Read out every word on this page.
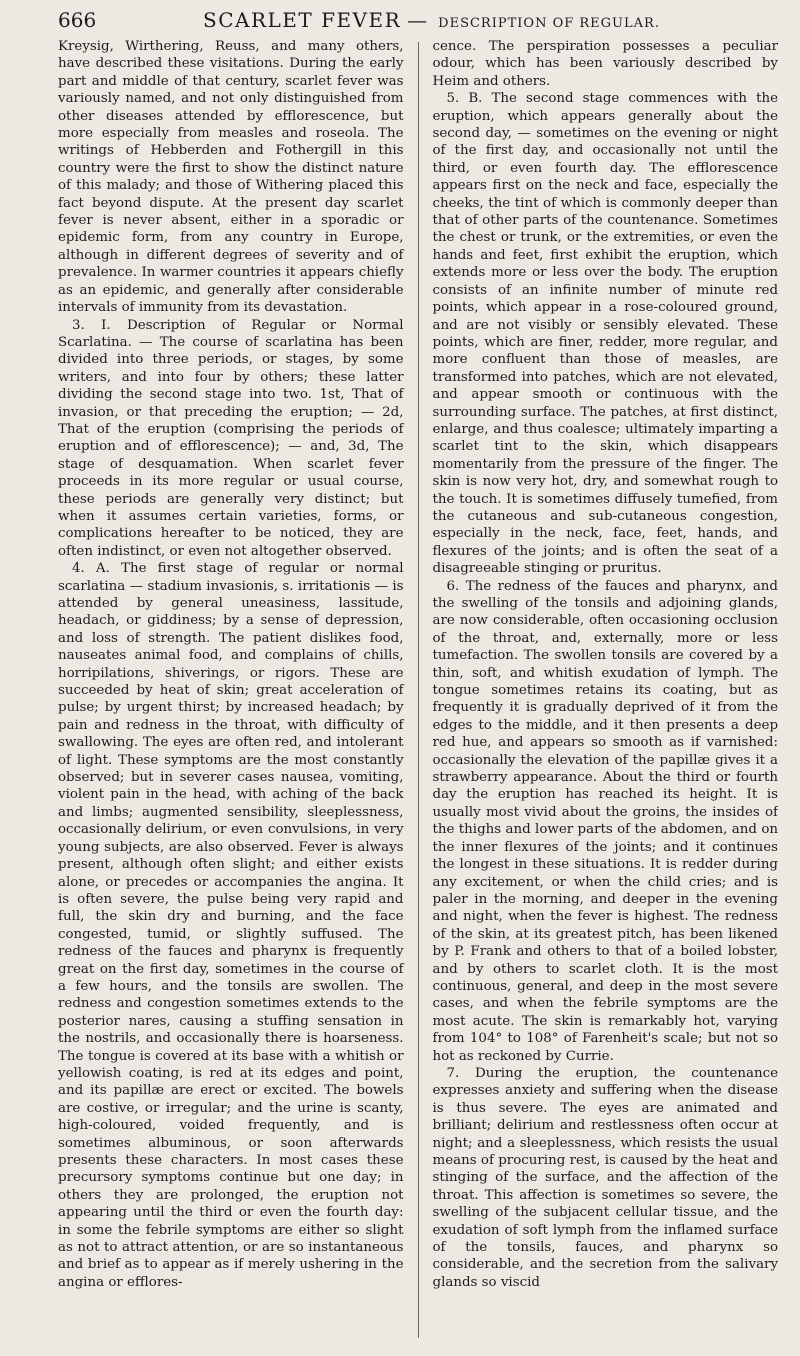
666	SCARLET FEVER — DESCRIPTION OF REGULAR.

Kreysig, Wirthering, Reuss, and many others, have described these visitations. During the early part and middle of that century, scarlet fever was variously named, and not only distinguished from other diseases attended by efflorescence, but more especially from measles and roseola. The writings of Hebberden and Fothergill in this country were the first to show the distinct nature of this malady; and those of Withering placed this fact beyond dispute. At the present day scarlet fever is never absent, either in a sporadic or epidemic form, from any country in Europe, although in different degrees of severity and of prevalence. In warmer countries it appears chiefly as an epidemic, and generally after considerable intervals of immunity from its devastation.

3. I. Description of Regular or Normal Scarlatina. — The course of scarlatina has been divided into three periods, or stages, by some writers, and into four by others; these latter dividing the second stage into two. 1st, That of invasion, or that preceding the eruption; — 2d, That of the eruption (comprising the periods of eruption and of efflorescence); — and, 3d, The stage of desquamation. When scarlet fever proceeds in its more regular or usual course, these periods are generally very distinct; but when it assumes certain varieties, forms, or complications hereafter to be noticed, they are often indistinct, or even not altogether observed.

4. A. The first stage of regular or normal scarlatina — stadium invasionis, s. irritationis — is attended by general uneasiness, lassitude, headach, or giddiness; by a sense of depression, and loss of strength. The patient dislikes food, nauseates animal food, and complains of chills, horripilations, shiverings, or rigors. These are succeeded by heat of skin; great acceleration of pulse; by urgent thirst; by increased headach; by pain and redness in the throat, with difficulty of swallowing. The eyes are often red, and intolerant of light. These symptoms are the most constantly observed; but in severer cases nausea, vomiting, violent pain in the head, with aching of the back and limbs; augmented sensibility, sleeplessness, occasionally delirium, or even convulsions, in very young subjects, are also observed. Fever is always present, although often slight; and either exists alone, or precedes or accompanies the angina. It is often severe, the pulse being very rapid and full, the skin dry and burning, and the face congested, tumid, or slightly suffused. The redness of the fauces and pharynx is frequently great on the first day, sometimes in the course of a few hours, and the tonsils are swollen. The redness and congestion sometimes extends to the posterior nares, causing a stuffing sensation in the nostrils, and occasionally there is hoarseness. The tongue is covered at its base with a whitish or yellowish coating, is red at its edges and point, and its papillæ are erect or excited. The bowels are costive, or irregular; and the urine is scanty, high-coloured, voided frequently, and is sometimes albuminous, or soon afterwards presents these characters. In most cases these precursory symptoms continue but one day; in others they are prolonged, the eruption not appearing until the third or even the fourth day: in some the febrile symptoms are either so slight as not to attract attention, or are so instantaneous and brief as to appear as if merely ushering in the angina or efflores-

cence. The perspiration possesses a peculiar odour, which has been variously described by Heim and others.

5. B. The second stage commences with the eruption, which appears generally about the second day, — sometimes on the evening or night of the first day, and occasionally not until the third, or even fourth day. The efflorescence appears first on the neck and face, especially the cheeks, the tint of which is commonly deeper than that of other parts of the countenance. Sometimes the chest or trunk, or the extremities, or even the hands and feet, first exhibit the eruption, which extends more or less over the body. The eruption consists of an infinite number of minute red points, which appear in a rose-coloured ground, and are not visibly or sensibly elevated. These points, which are finer, redder, more regular, and more confluent than those of measles, are transformed into patches, which are not elevated, and appear smooth or continuous with the surrounding surface. The patches, at first distinct, enlarge, and thus coalesce; ultimately imparting a scarlet tint to the skin, which disappears momentarily from the pressure of the finger. The skin is now very hot, dry, and somewhat rough to the touch. It is sometimes diffusely tumefied, from the cutaneous and sub-cutaneous congestion, especially in the neck, face, feet, hands, and flexures of the joints; and is often the seat of a disagreeable stinging or pruritus.

6. The redness of the fauces and pharynx, and the swelling of the tonsils and adjoining glands, are now considerable, often occasioning occlusion of the throat, and, externally, more or less tumefaction. The swollen tonsils are covered by a thin, soft, and whitish exudation of lymph. The tongue sometimes retains its coating, but as frequently it is gradually deprived of it from the edges to the middle, and it then presents a deep red hue, and appears so smooth as if varnished: occasionally the elevation of the papillæ gives it a strawberry appearance. About the third or fourth day the eruption has reached its height. It is usually most vivid about the groins, the insides of the thighs and lower parts of the abdomen, and on the inner flexures of the joints; and it continues the longest in these situations. It is redder during any excitement, or when the child cries; and is paler in the morning, and deeper in the evening and night, when the fever is highest. The redness of the skin, at its greatest pitch, has been likened by P. Frank and others to that of a boiled lobster, and by others to scarlet cloth. It is the most continuous, general, and deep in the most severe cases, and when the febrile symptoms are the most acute. The skin is remarkably hot, varying from 104° to 108° of Farenheit's scale; but not so hot as reckoned by Currie.

7. During the eruption, the countenance expresses anxiety and suffering when the disease is thus severe. The eyes are animated and brilliant; delirium and restlessness often occur at night; and a sleeplessness, which resists the usual means of procuring rest, is caused by the heat and stinging of the surface, and the affection of the throat. This affection is sometimes so severe, the swelling of the subjacent cellular tissue, and the exudation of soft lymph from the inflamed surface of the tonsils, fauces, and pharynx so considerable, and the secretion from the salivary glands so viscid
